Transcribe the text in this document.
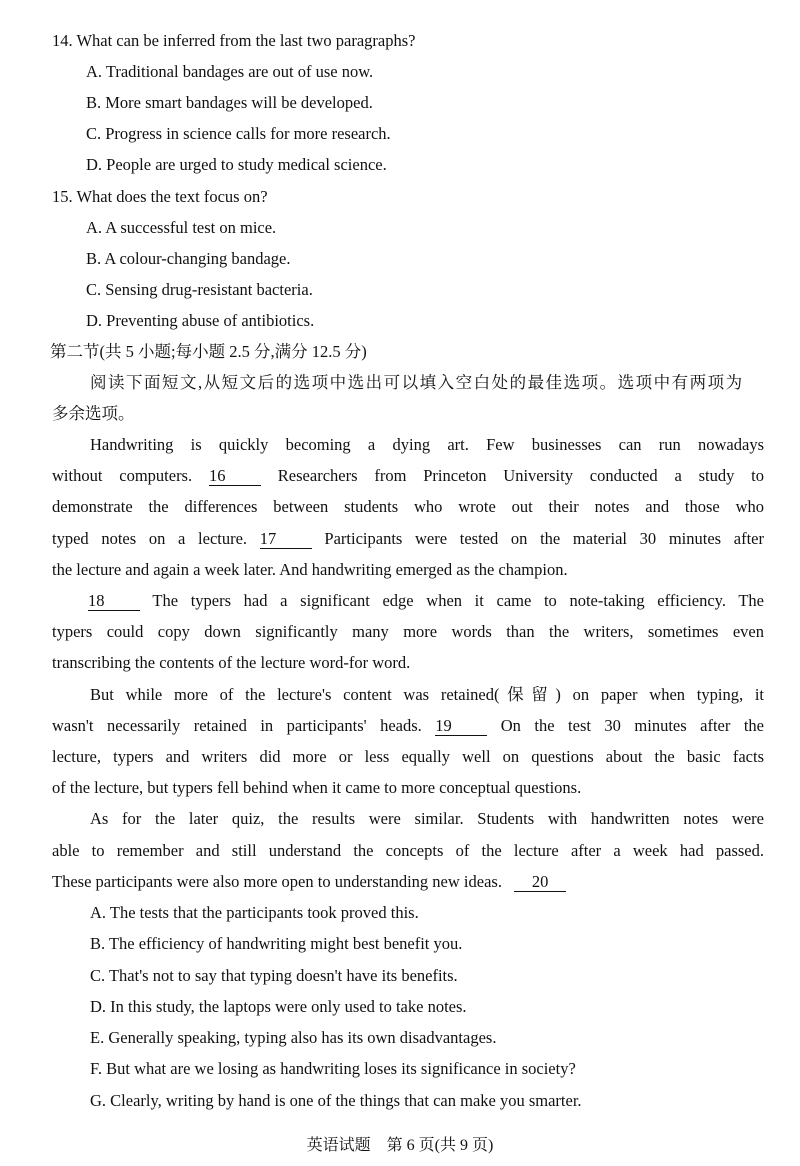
14. What can be inferred from the last two paragraphs?
A. Traditional bandages are out of use now.
B. More smart bandages will be developed.
C. Progress in science calls for more research.
D. People are urged to study medical science.
15. What does the text focus on?
A. A successful test on mice.
B. A colour-changing bandage.
C. Sensing drug-resistant bacteria.
D. Preventing abuse of antibiotics.
第二节(共 5 小题;每小题 2.5 分,满分 12.5 分)
阅读下面短文,从短文后的选项中选出可以填入空白处的最佳选项。选项中有两项为
多余选项。
Handwriting is quickly becoming a dying art. Few businesses can run nowadays
without computers. 16	Researchers from Princeton University conducted a study to
demonstrate the differences between students who wrote out their notes and those who
typed notes on a lecture. 17	Participants were tested on the material 30 minutes after
the lecture and again a week later. And handwriting emerged as the champion.
18	The typers had a significant edge when it came to note-taking efficiency. The
typers could copy down significantly many more words than the writers, sometimes even
transcribing the contents of the lecture word-for word.
But while more of the lecture's content was retained(保留) on paper when typing, it
wasn't necessarily retained in participants' heads. 19	On the test 30 minutes after the
lecture, typers and writers did more or less equally well on questions about the basic facts
of the lecture, but typers fell behind when it came to more conceptual questions.
As for the later quiz, the results were similar. Students with handwritten notes were
able to remember and still understand the concepts of the lecture after a week had passed.
These participants were also more open to understanding new ideas. 20
A. The tests that the participants took proved this.
B. The efficiency of handwriting might best benefit you.
C. That's not to say that typing doesn't have its benefits.
D. In this study, the laptops were only used to take notes.
E. Generally speaking, typing also has its own disadvantages.
F. But what are we losing as handwriting loses its significance in society?
G. Clearly, writing by hand is one of the things that can make you smarter.
英语试题　第 6 页(共 9 页)
